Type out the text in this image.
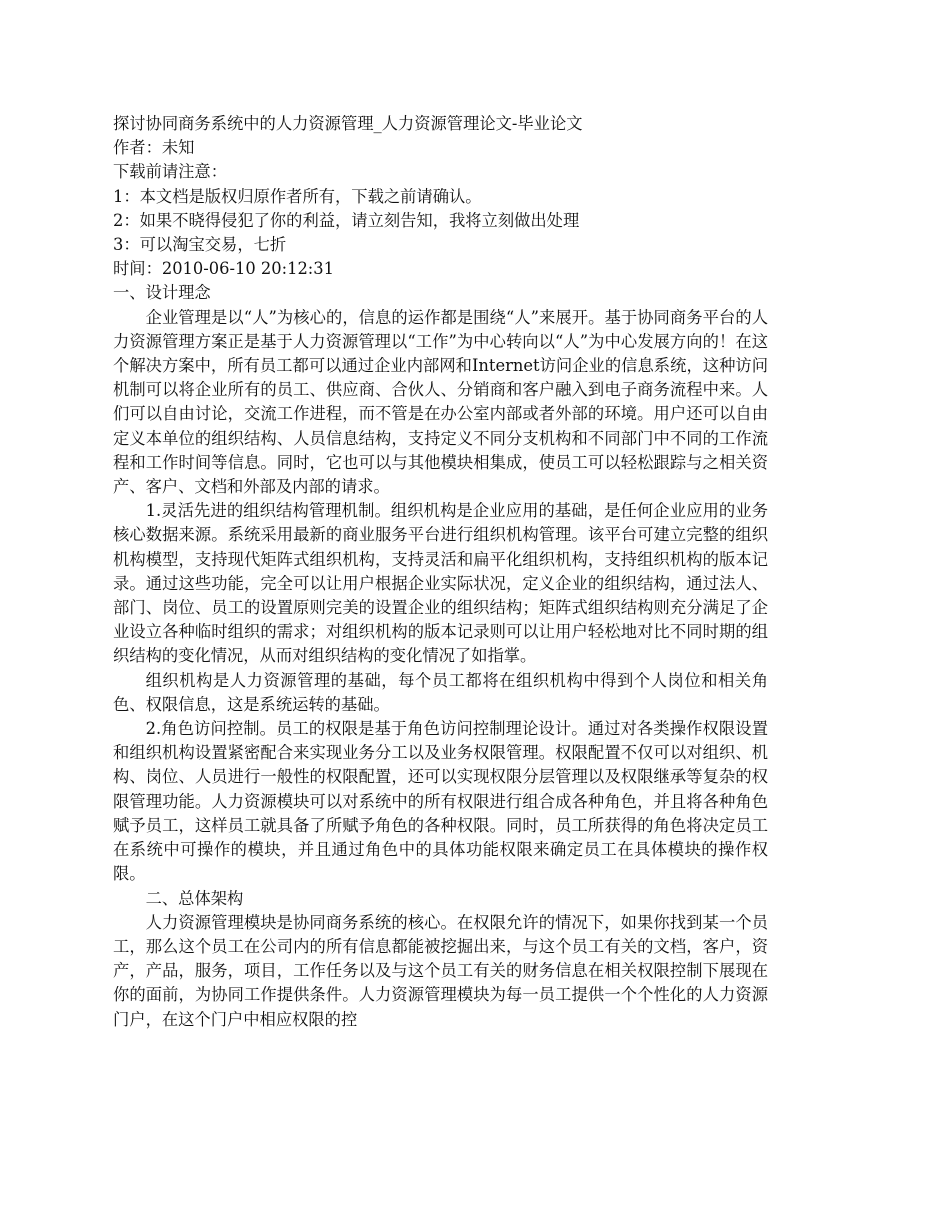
探讨协同商务系统中的人力资源管理_人力资源管理论文-毕业论文
作者：未知
下载前请注意：
1：本文档是版权归原作者所有，下载之前请确认。
2：如果不晓得侵犯了你的利益，请立刻告知，我将立刻做出处理
3：可以淘宝交易，七折
时间：2010-06-10 20:12:31
一、设计理念

企业管理是以“人”为核心的，信息的运作都是围绕“人”来展开。基于协同商务平台的人力资源管理方案正是基于人力资源管理以“工作”为中心转向以“人”为中心发展方向的！在这个解决方案中，所有员工都可以通过企业内部网和Internet访问企业的信息系统，这种访问机制可以将企业所有的员工、供应商、合伙人、分销商和客户融入到电子商务流程中来。人们可以自由讨论，交流工作进程，而不管是在办公室内部或者外部的环境。用户还可以自由定义本单位的组织结构、人员信息结构，支持定义不同分支机构和不同部门中不同的工作流程和工作时间等信息。同时，它也可以与其他模块相集成，使员工可以轻松跟踪与之相关资产、客户、文档和外部及内部的请求。

1.灵活先进的组织结构管理机制。组织机构是企业应用的基础，是任何企业应用的业务核心数据来源。系统采用最新的商业服务平台进行组织机构管理。该平台可建立完整的组织机构模型，支持现代矩阵式组织机构，支持灵活和扁平化组织机构，支持组织机构的版本记录。通过这些功能，完全可以让用户根据企业实际状况，定义企业的组织结构，通过法人、部门、岗位、员工的设置原则完美的设置企业的组织结构；矩阵式组织结构则充分满足了企业设立各种临时组织的需求；对组织机构的版本记录则可以让用户轻松地对比不同时期的组织结构的变化情况，从而对组织结构的变化情况了如指掌。

组织机构是人力资源管理的基础，每个员工都将在组织机构中得到个人岗位和相关角色、权限信息，这是系统运转的基础。

2.角色访问控制。员工的权限是基于角色访问控制理论设计。通过对各类操作权限设置和组织机构设置紧密配合来实现业务分工以及业务权限管理。权限配置不仅可以对组织、机构、岗位、人员进行一般性的权限配置，还可以实现权限分层管理以及权限继承等复杂的权限管理功能。人力资源模块可以对系统中的所有权限进行组合成各种角色，并且将各种角色赋予员工，这样员工就具备了所赋予角色的各种权限。同时，员工所获得的角色将决定员工在系统中可操作的模块，并且通过角色中的具体功能权限来确定员工在具体模块的操作权限。

二、总体架构

人力资源管理模块是协同商务系统的核心。在权限允许的情况下，如果你找到某一个员工，那么这个员工在公司内的所有信息都能被挖掘出来，与这个员工有关的文档，客户，资产，产品，服务，项目，工作任务以及与这个员工有关的财务信息在相关权限控制下展现在你的面前，为协同工作提供条件。人力资源管理模块为每一员工提供一个个性化的人力资源门户，在这个门户中相应权限的控
